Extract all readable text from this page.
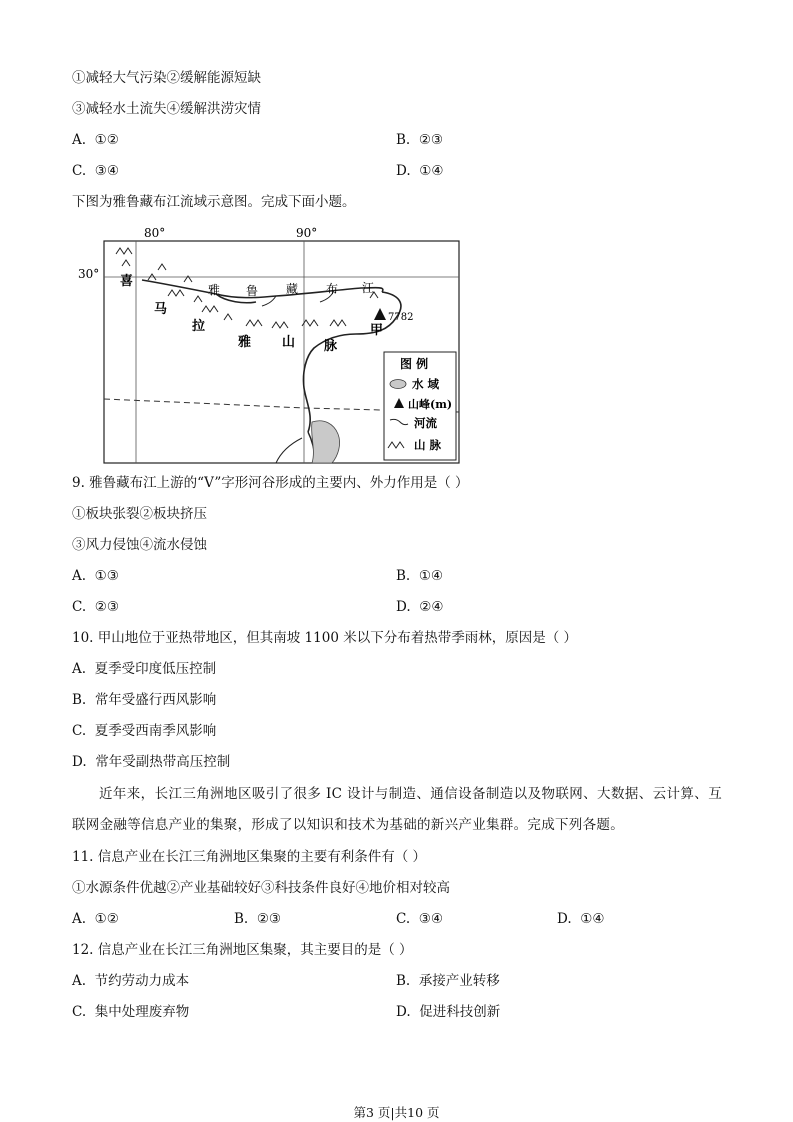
①减轻大气污染②缓解能源短缺
③减轻水土流失④缓解洪涝灾情
A. ①②	B. ②③
C. ③④	D. ①④
下图为雅鲁藏布江流域示意图。完成下面小题。
80°	90°
30° 喜
马
拉
雅 山 脉
雅 鲁 藏 布 江
甲
7782
图 例
水 域
山峰(m)
河流
山 脉
9. 雅鲁藏布江上游的“V”字形河谷形成的主要内、外力作用是（ ）
①板块张裂②板块挤压
③风力侵蚀④流水侵蚀
A. ①③	B. ①④
C. ②③	D. ②④
10. 甲山地位于亚热带地区，但其南坡 1100 米以下分布着热带季雨林，原因是（ ）
A. 夏季受印度低压控制
B. 常年受盛行西风影响
C. 夏季受西南季风影响
D. 常年受副热带高压控制
近年来，长江三角洲地区吸引了很多 IC 设计与制造、通信设备制造以及物联网、大数据、云计算、互联网金融等信息产业的集聚，形成了以知识和技术为基础的新兴产业集群。完成下列各题。
11. 信息产业在长江三角洲地区集聚的主要有利条件有（ ）
①水源条件优越②产业基础较好③科技条件良好④地价相对较高
A. ①②	B. ②③	C. ③④	D. ①④
12. 信息产业在长江三角洲地区集聚，其主要目的是（ ）
A. 节约劳动力成本	B. 承接产业转移
C. 集中处理废弃物	D. 促进科技创新
第3 页|共10 页
